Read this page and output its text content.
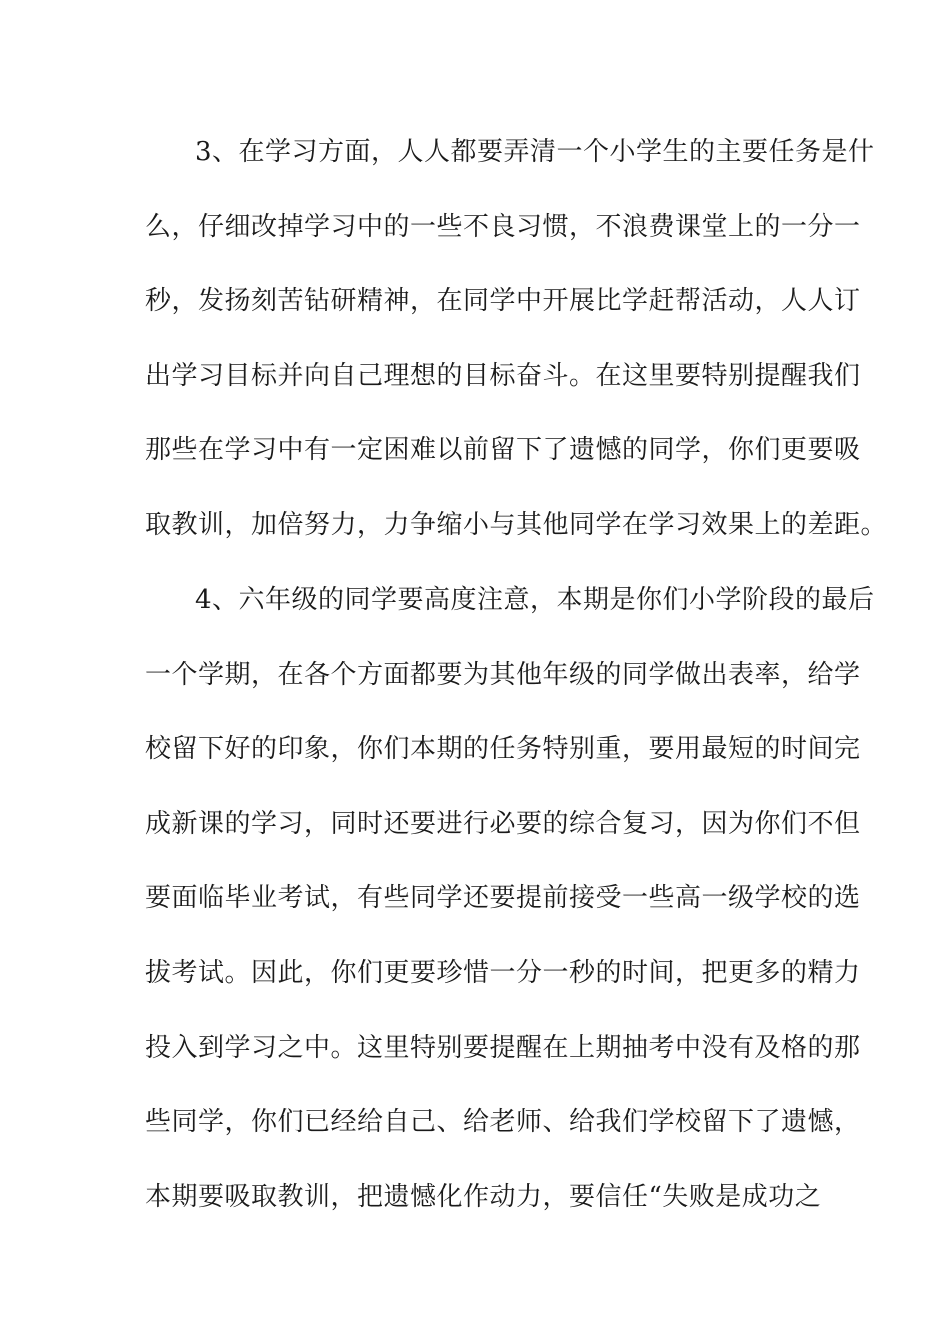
3、在学习方面，人人都要弄清一个小学生的主要任务是什
么，仔细改掉学习中的一些不良习惯，不浪费课堂上的一分一
秒，发扬刻苦钻研精神，在同学中开展比学赶帮活动，人人订
出学习目标并向自己理想的目标奋斗。在这里要特别提醒我们
那些在学习中有一定困难以前留下了遗憾的同学，你们更要吸
取教训，加倍努力，力争缩小与其他同学在学习效果上的差距。
4、六年级的同学要高度注意，本期是你们小学阶段的最后
一个学期，在各个方面都要为其他年级的同学做出表率，给学
校留下好的印象，你们本期的任务特别重，要用最短的时间完
成新课的学习，同时还要进行必要的综合复习，因为你们不但
要面临毕业考试，有些同学还要提前接受一些高一级学校的选
拔考试。因此，你们更要珍惜一分一秒的时间，把更多的精力
投入到学习之中。这里特别要提醒在上期抽考中没有及格的那
些同学，你们已经给自己、给老师、给我们学校留下了遗憾，
本期要吸取教训，把遗憾化作动力，要信任“失败是成功之
